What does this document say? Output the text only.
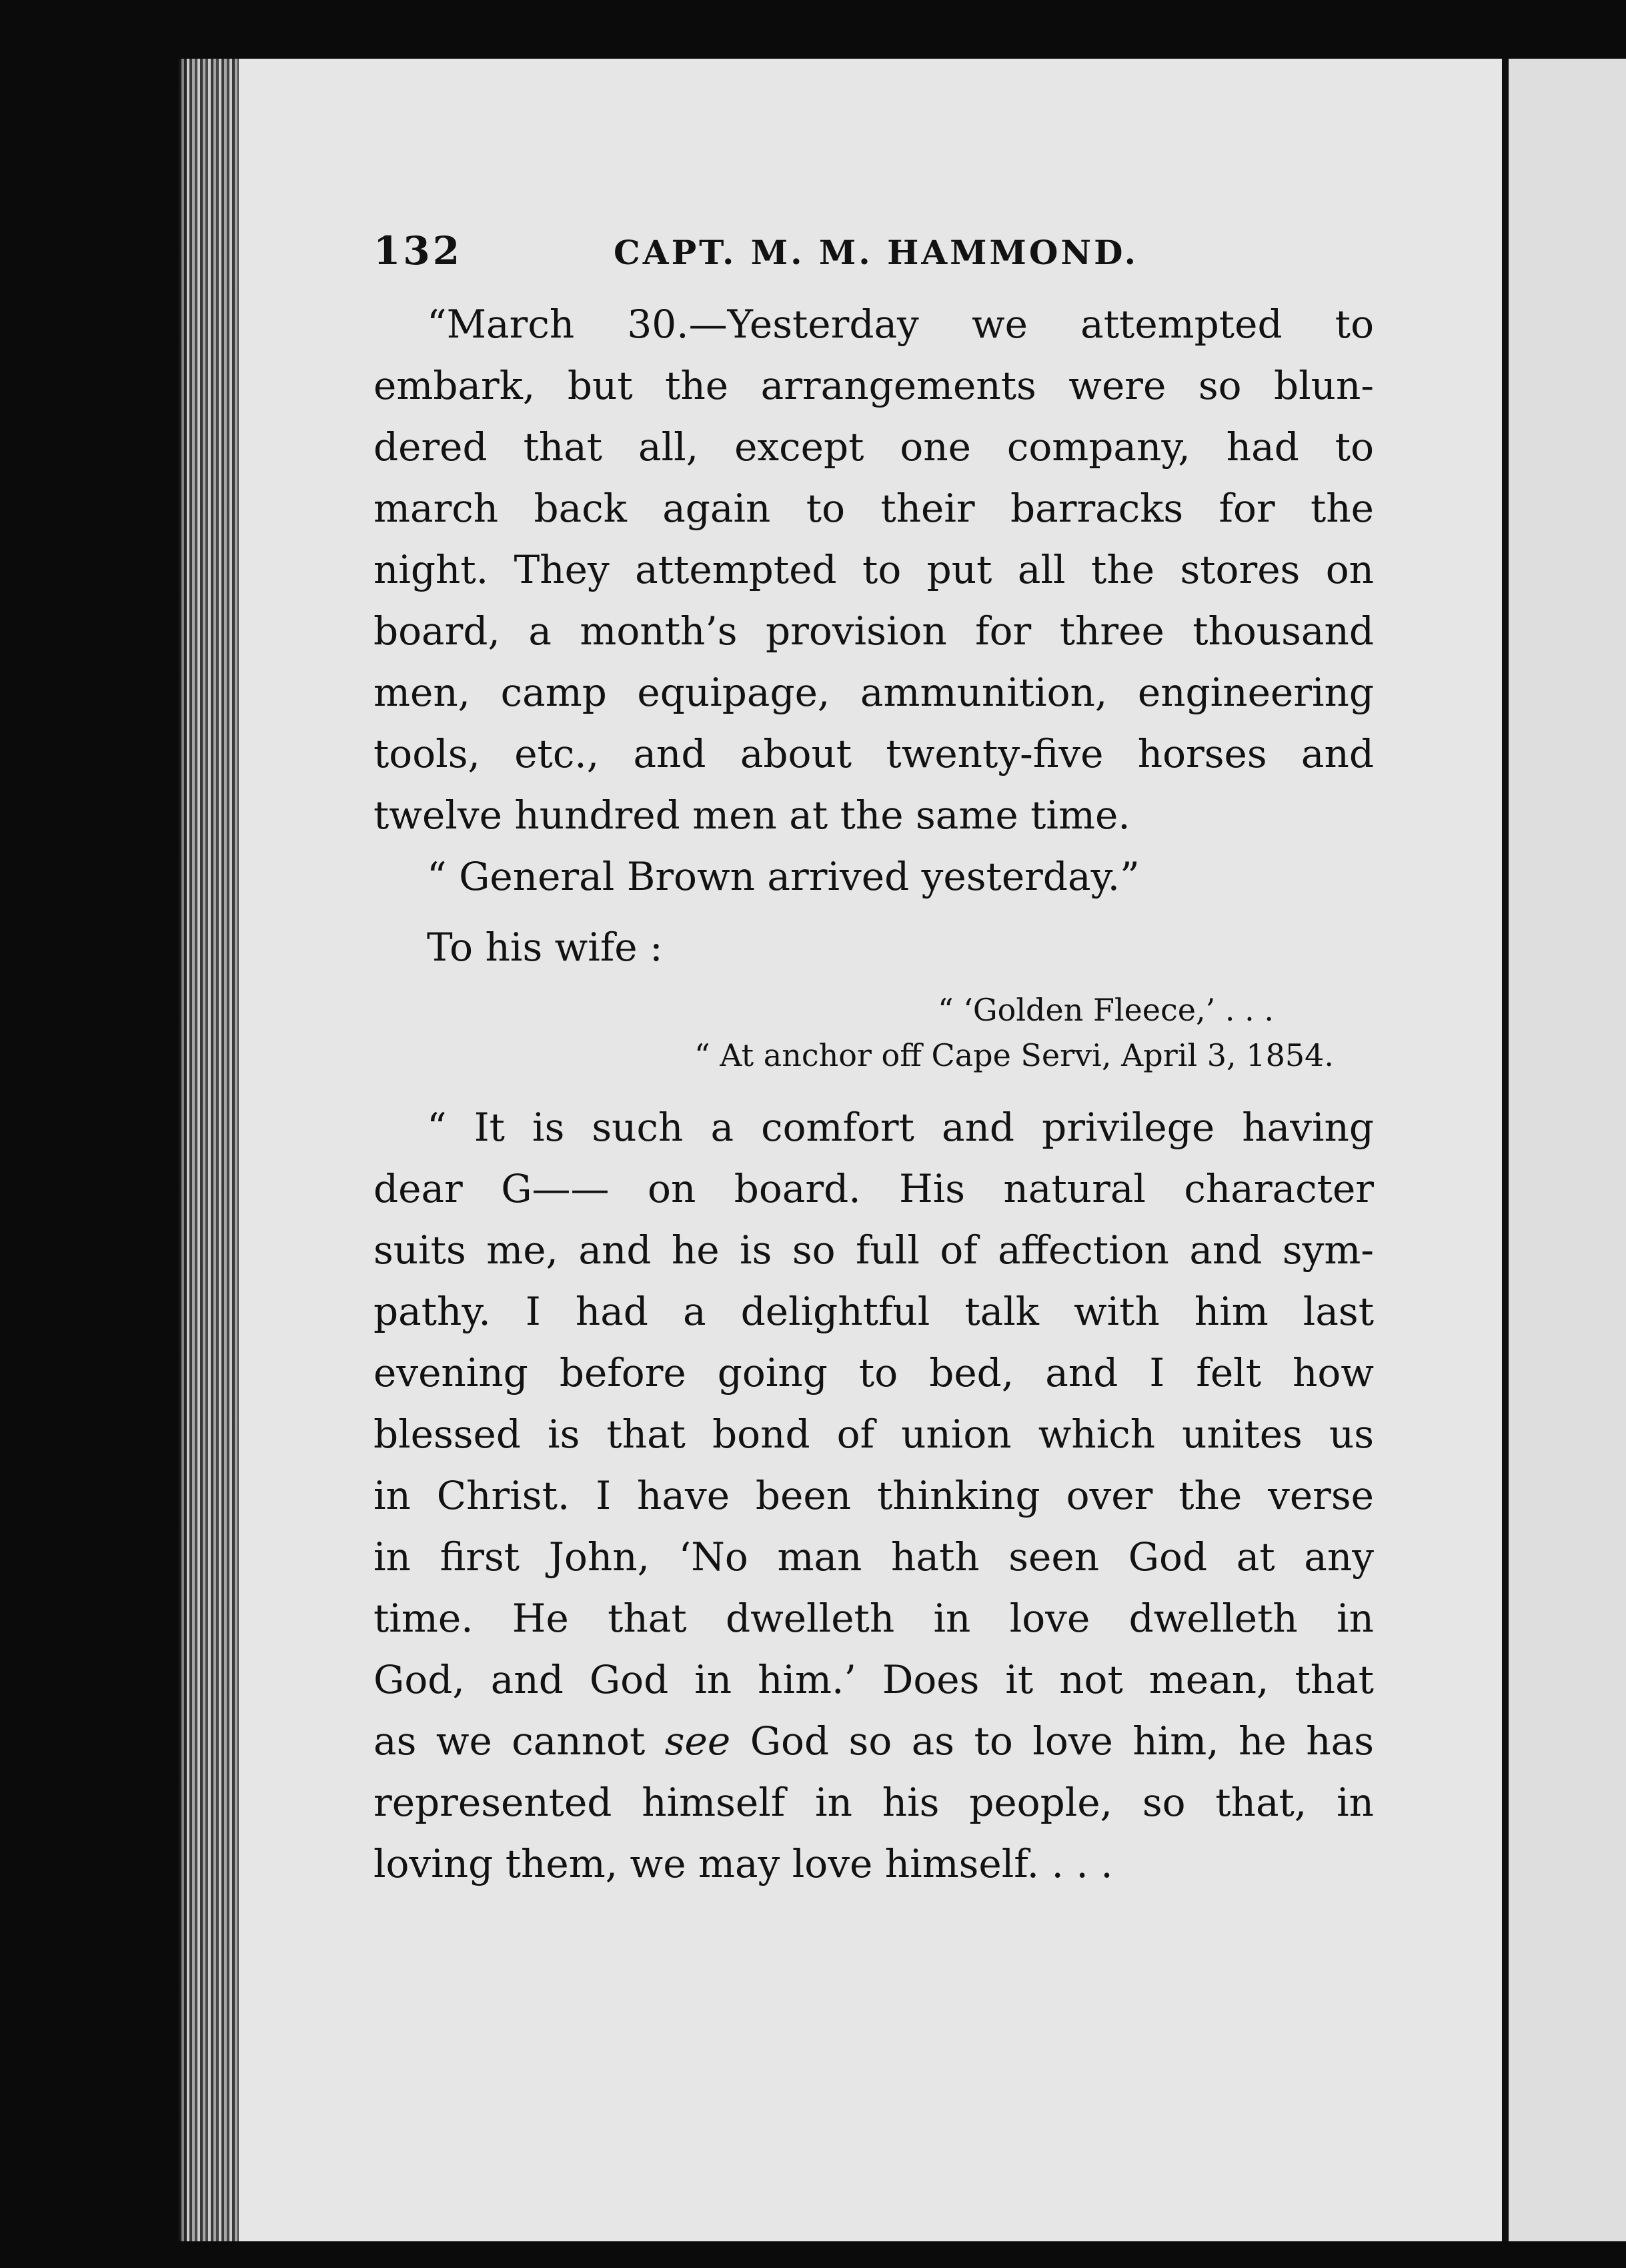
132	CAPT. M. M. HAMMOND.
“March 30.—Yesterday we attempted to
embark, but the arrangements were so blun-
dered that all, except one company, had to
march back again to their barracks for the
night. They attempted to put all the stores on
board, a month’s provision for three thousand
men, camp equipage, ammunition, engineering
tools, etc., and about twenty-five horses and
twelve hundred men at the same time.
“ General Brown arrived yesterday.”

To his wife :

“ ‘Golden Fleece,’ . . .

“ At anchor off Cape Servi, April 3, 1854.

“ It is such a comfort and privilege having
dear G—— on board. His natural character
suits me, and he is so full of affection and sym-
pathy. I had a delightful talk with him last
evening before going to bed, and I felt how
blessed is that bond of union which unites us
in Christ. I have been thinking over the verse
in first John, ‘No man hath seen God at any
time. He that dwelleth in love dwelleth in
God, and God in him.’ Does it not mean, that
as we cannot see God so as to love him, he has
represented himself in his people, so that, in
loving them, we may love himself. . . .
